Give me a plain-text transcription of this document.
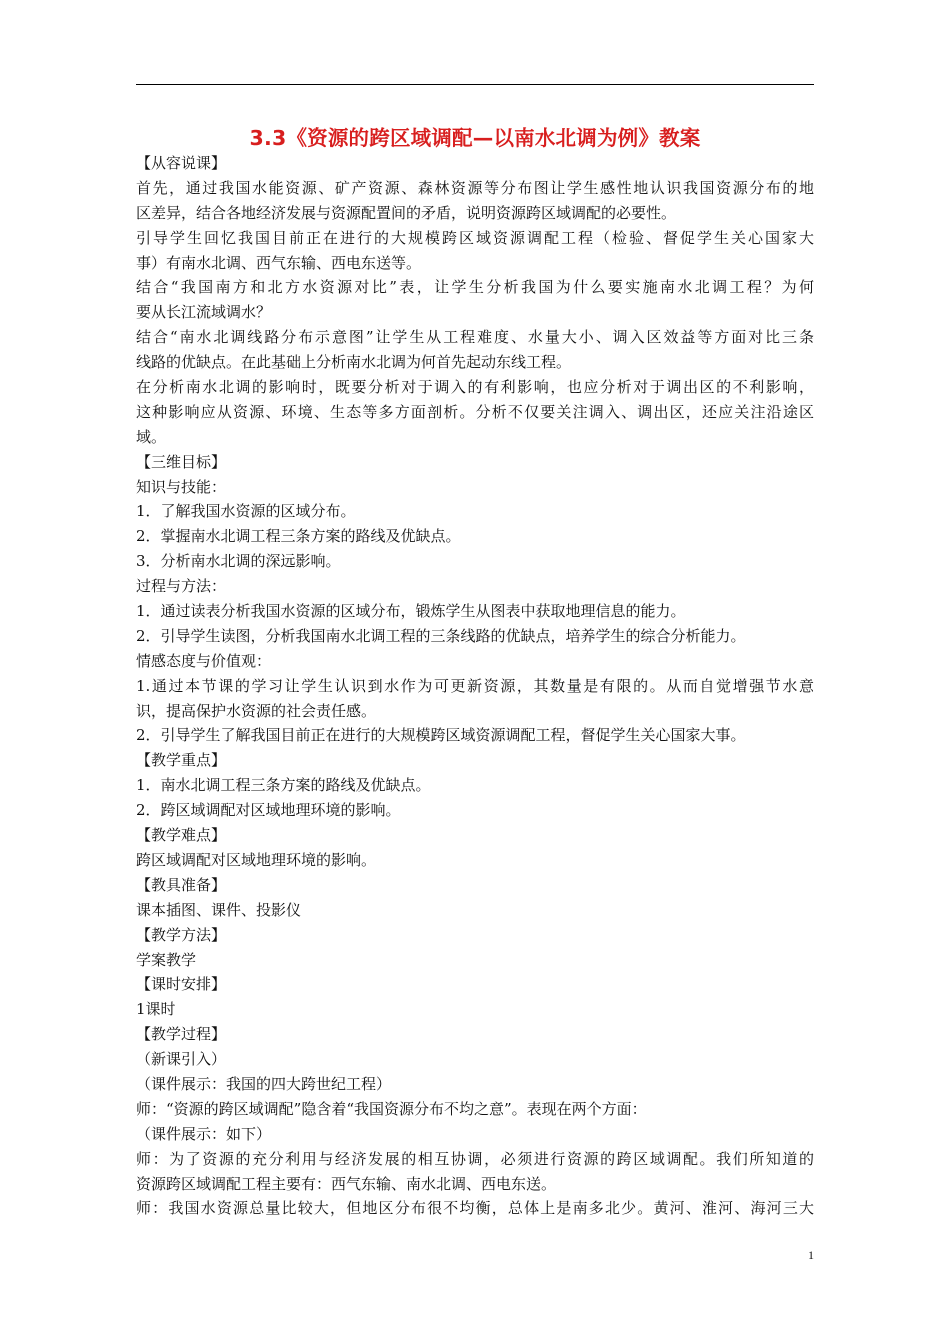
3.3《资源的跨区域调配—以南水北调为例》教案
【从容说课】
首先，通过我国水能资源、矿产资源、森林资源等分布图让学生感性地认识我国资源分布的地
区差异，结合各地经济发展与资源配置间的矛盾，说明资源跨区域调配的必要性。
引导学生回忆我国目前正在进行的大规模跨区域资源调配工程（检验、督促学生关心国家大
事）有南水北调、西气东输、西电东送等。
结合“我国南方和北方水资源对比”表，让学生分析我国为什么要实施南水北调工程？为何
要从长江流域调水？
结合“南水北调线路分布示意图”让学生从工程难度、水量大小、调入区效益等方面对比三条
线路的优缺点。在此基础上分析南水北调为何首先起动东线工程。
在分析南水北调的影响时，既要分析对于调入的有利影响，也应分析对于调出区的不利影响，
这种影响应从资源、环境、生态等多方面剖析。分析不仅要关注调入、调出区，还应关注沿途区
域。
【三维目标】
知识与技能：
1．了解我国水资源的区域分布。
2．掌握南水北调工程三条方案的路线及优缺点。
3．分析南水北调的深远影响。
过程与方法：
1．通过读表分析我国水资源的区域分布，锻炼学生从图表中获取地理信息的能力。
2．引导学生读图，分析我国南水北调工程的三条线路的优缺点，培养学生的综合分析能力。
情感态度与价值观：
1.通过本节课的学习让学生认识到水作为可更新资源，其数量是有限的。从而自觉增强节水意
识，提高保护水资源的社会责任感。
2．引导学生了解我国目前正在进行的大规模跨区域资源调配工程，督促学生关心国家大事。
【教学重点】
1．南水北调工程三条方案的路线及优缺点。
2．跨区域调配对区域地理环境的影响。
【教学难点】
跨区域调配对区域地理环境的影响。
【教具准备】
课本插图、课件、投影仪
【教学方法】
学案教学
【课时安排】
1课时
【教学过程】
（新课引入）
（课件展示：我国的四大跨世纪工程）
师：“资源的跨区域调配”隐含着“我国资源分布不均之意”。表现在两个方面：
（课件展示：如下）
师：为了资源的充分利用与经济发展的相互协调，必须进行资源的跨区域调配。我们所知道的
资源跨区域调配工程主要有：西气东输、南水北调、西电东送。
师：我国水资源总量比较大，但地区分布很不均衡，总体上是南多北少。黄河、淮河、海河三大
1
